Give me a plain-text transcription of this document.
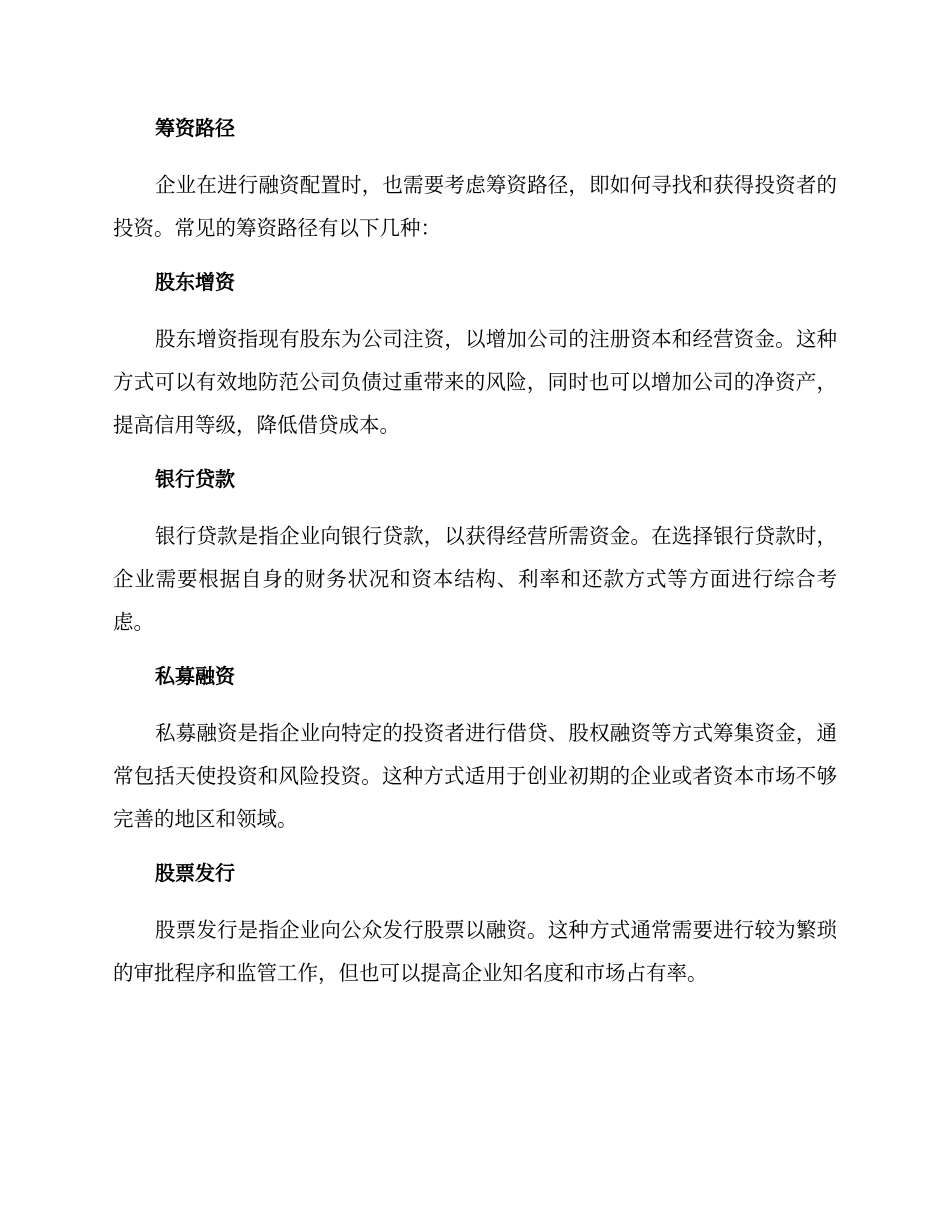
筹资路径

企业在进行融资配置时，也需要考虑筹资路径，即如何寻找和获得投资者的投资。常见的筹资路径有以下几种：

股东增资

股东增资指现有股东为公司注资，以增加公司的注册资本和经营资金。这种方式可以有效地防范公司负债过重带来的风险，同时也可以增加公司的净资产，提高信用等级，降低借贷成本。

银行贷款

银行贷款是指企业向银行贷款，以获得经营所需资金。在选择银行贷款时，企业需要根据自身的财务状况和资本结构、利率和还款方式等方面进行综合考虑。

私募融资

私募融资是指企业向特定的投资者进行借贷、股权融资等方式筹集资金，通常包括天使投资和风险投资。这种方式适用于创业初期的企业或者资本市场不够完善的地区和领域。

股票发行

股票发行是指企业向公众发行股票以融资。这种方式通常需要进行较为繁琐的审批程序和监管工作，但也可以提高企业知名度和市场占有率。
